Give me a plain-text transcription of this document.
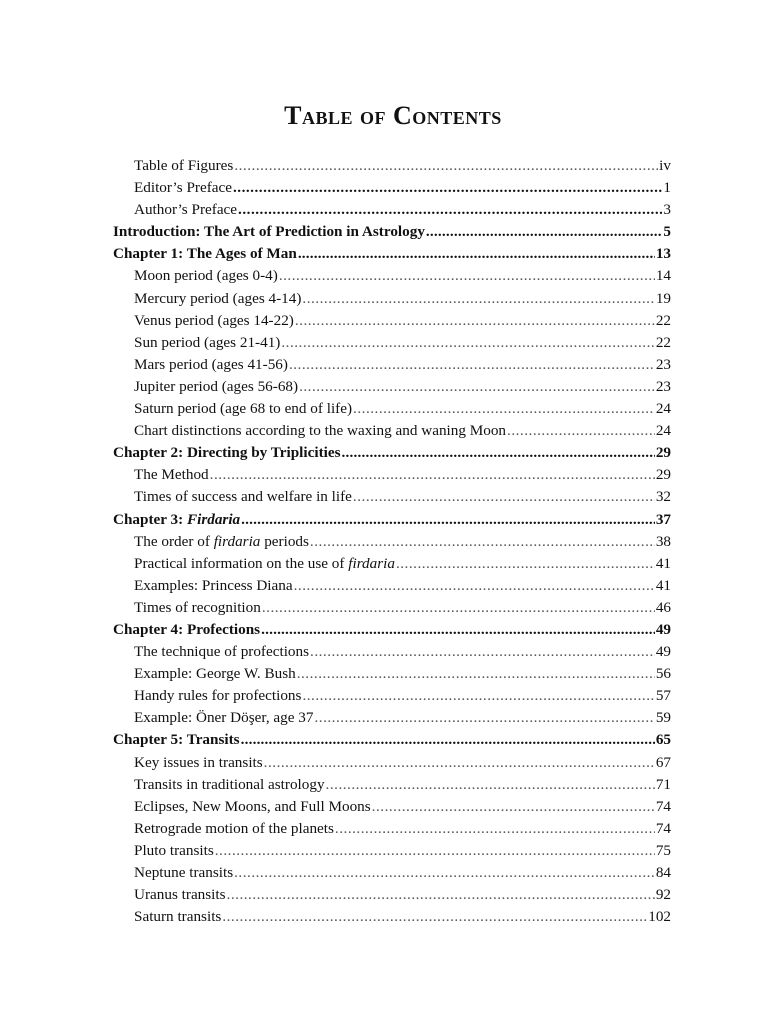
Table of Contents
Table of Figures .....	iv
Editor’s Preface .....	1
Author’s Preface .....	3
Introduction: The Art of Prediction in Astrology .....	5
Chapter 1: The Ages of Man .....	13
Moon period (ages 0-4) .....	14
Mercury period (ages 4-14) .....	19
Venus period (ages 14-22) .....	22
Sun period (ages 21-41) .....	22
Mars period (ages 41-56) .....	23
Jupiter period (ages 56-68) .....	23
Saturn period (age 68 to end of life) .....	24
Chart distinctions according to the waxing and waning Moon .....	24
Chapter 2: Directing by Triplicities .....	29
The Method .....	29
Times of success and welfare in life .....	32
Chapter 3: Firdaria .....	37
The order of firdaria periods .....	38
Practical information on the use of firdaria .....	41
Examples: Princess Diana .....	41
Times of recognition .....	46
Chapter 4: Profections .....	49
The technique of profections .....	49
Example: George W. Bush .....	56
Handy rules for profections .....	57
Example: Öner Döşer, age 37 .....	59
Chapter 5: Transits .....	65
Key issues in transits .....	67
Transits in traditional astrology .....	71
Eclipses, New Moons, and Full Moons .....	74
Retrograde motion of the planets .....	74
Pluto transits .....	75
Neptune transits .....	84
Uranus transits .....	92
Saturn transits .....	102
